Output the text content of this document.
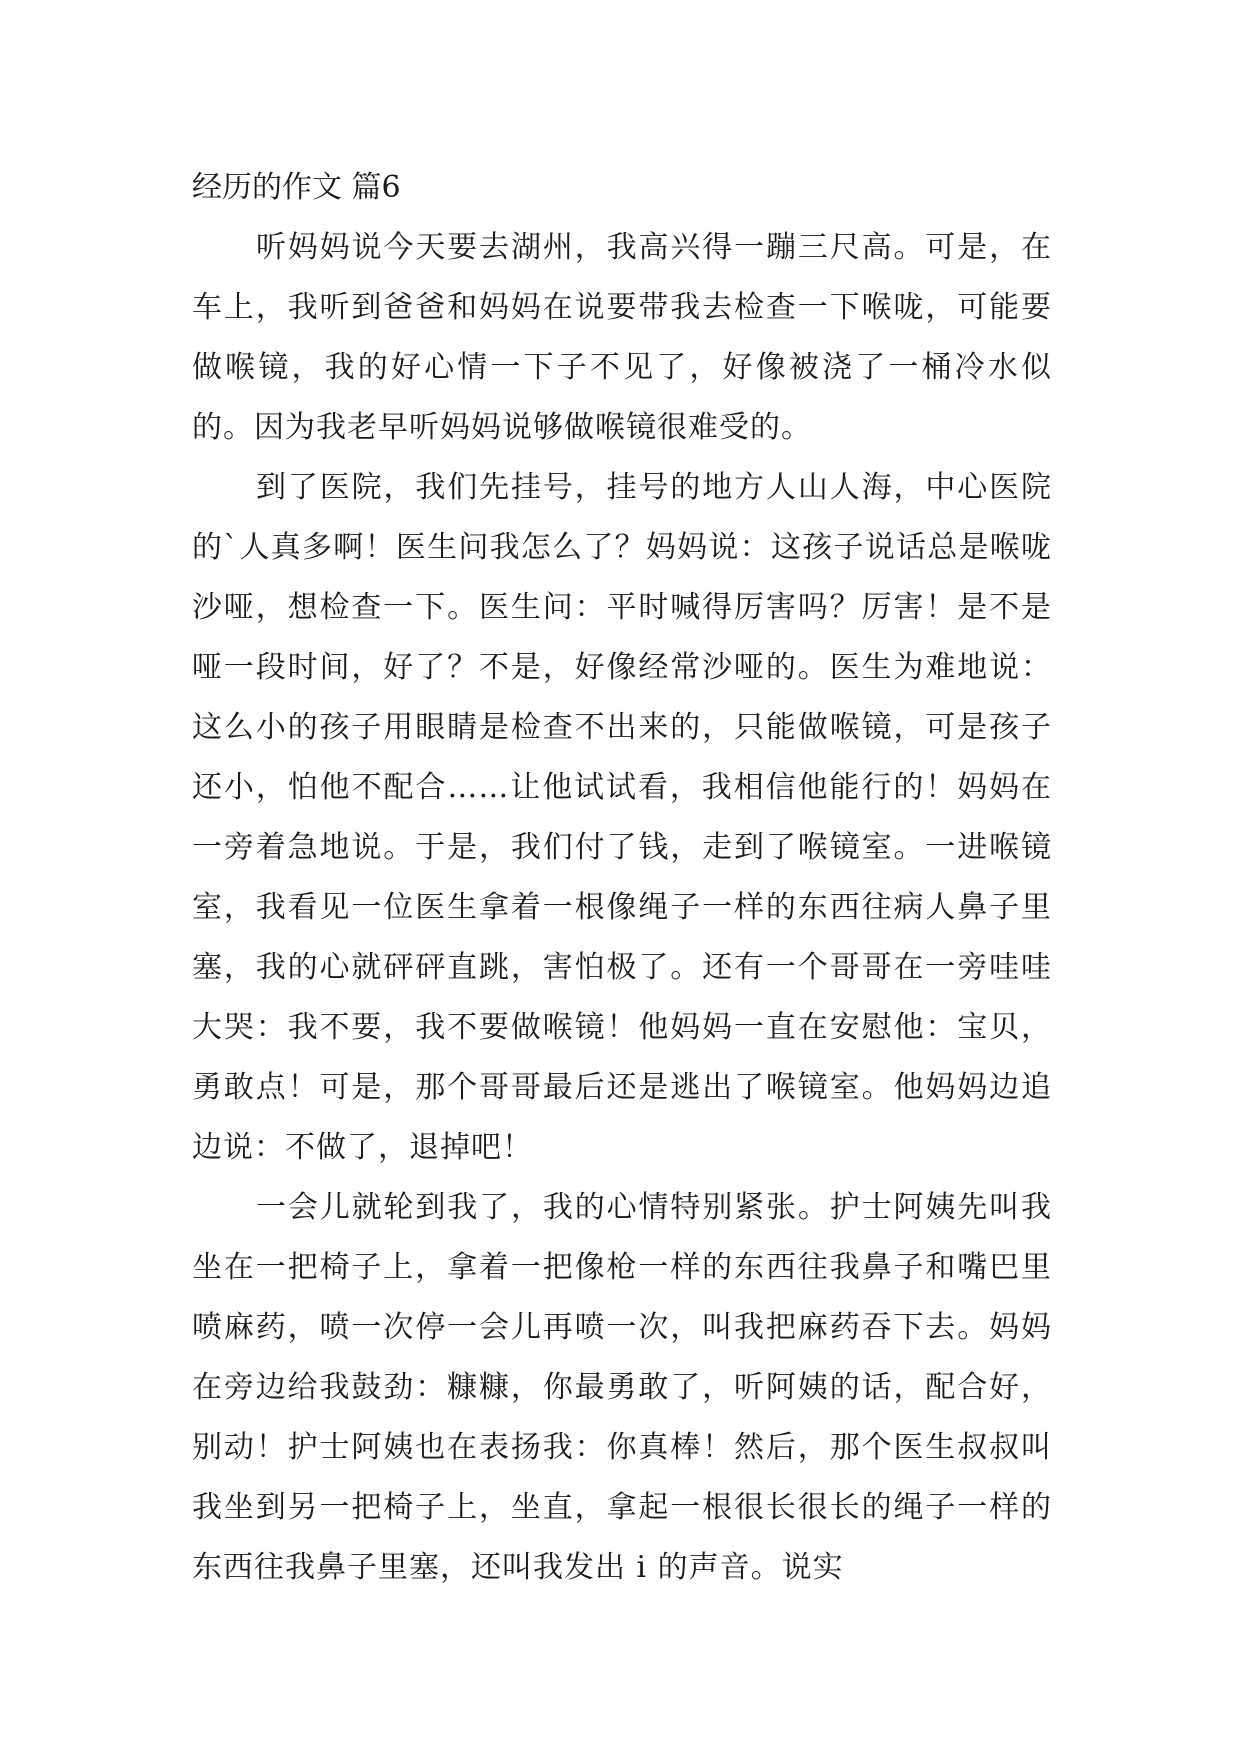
经历的作文 篇6

听妈妈说今天要去湖州，我高兴得一蹦三尺高。可是，在车上，我听到爸爸和妈妈在说要带我去检查一下喉咙，可能要做喉镜，我的好心情一下子不见了，好像被浇了一桶冷水似的。因为我老早听妈妈说够做喉镜很难受的。

到了医院，我们先挂号，挂号的地方人山人海，中心医院的`人真多啊！医生问我怎么了？妈妈说：这孩子说话总是喉咙沙哑，想检查一下。医生问：平时喊得厉害吗？厉害！是不是哑一段时间，好了？不是，好像经常沙哑的。医生为难地说：这么小的孩子用眼睛是检查不出来的，只能做喉镜，可是孩子还小，怕他不配合……让他试试看，我相信他能行的！妈妈在一旁着急地说。于是，我们付了钱，走到了喉镜室。一进喉镜室，我看见一位医生拿着一根像绳子一样的东西往病人鼻子里塞，我的心就砰砰直跳，害怕极了。还有一个哥哥在一旁哇哇大哭：我不要，我不要做喉镜！他妈妈一直在安慰他：宝贝，勇敢点！可是，那个哥哥最后还是逃出了喉镜室。他妈妈边追边说：不做了，退掉吧！

一会儿就轮到我了，我的心情特别紧张。护士阿姨先叫我坐在一把椅子上，拿着一把像枪一样的东西往我鼻子和嘴巴里喷麻药，喷一次停一会儿再喷一次，叫我把麻药吞下去。妈妈在旁边给我鼓劲：糠糠，你最勇敢了，听阿姨的话，配合好，别动！护士阿姨也在表扬我：你真棒！然后，那个医生叔叔叫我坐到另一把椅子上，坐直，拿起一根很长很长的绳子一样的东西往我鼻子里塞，还叫我发出 i 的声音。说实
